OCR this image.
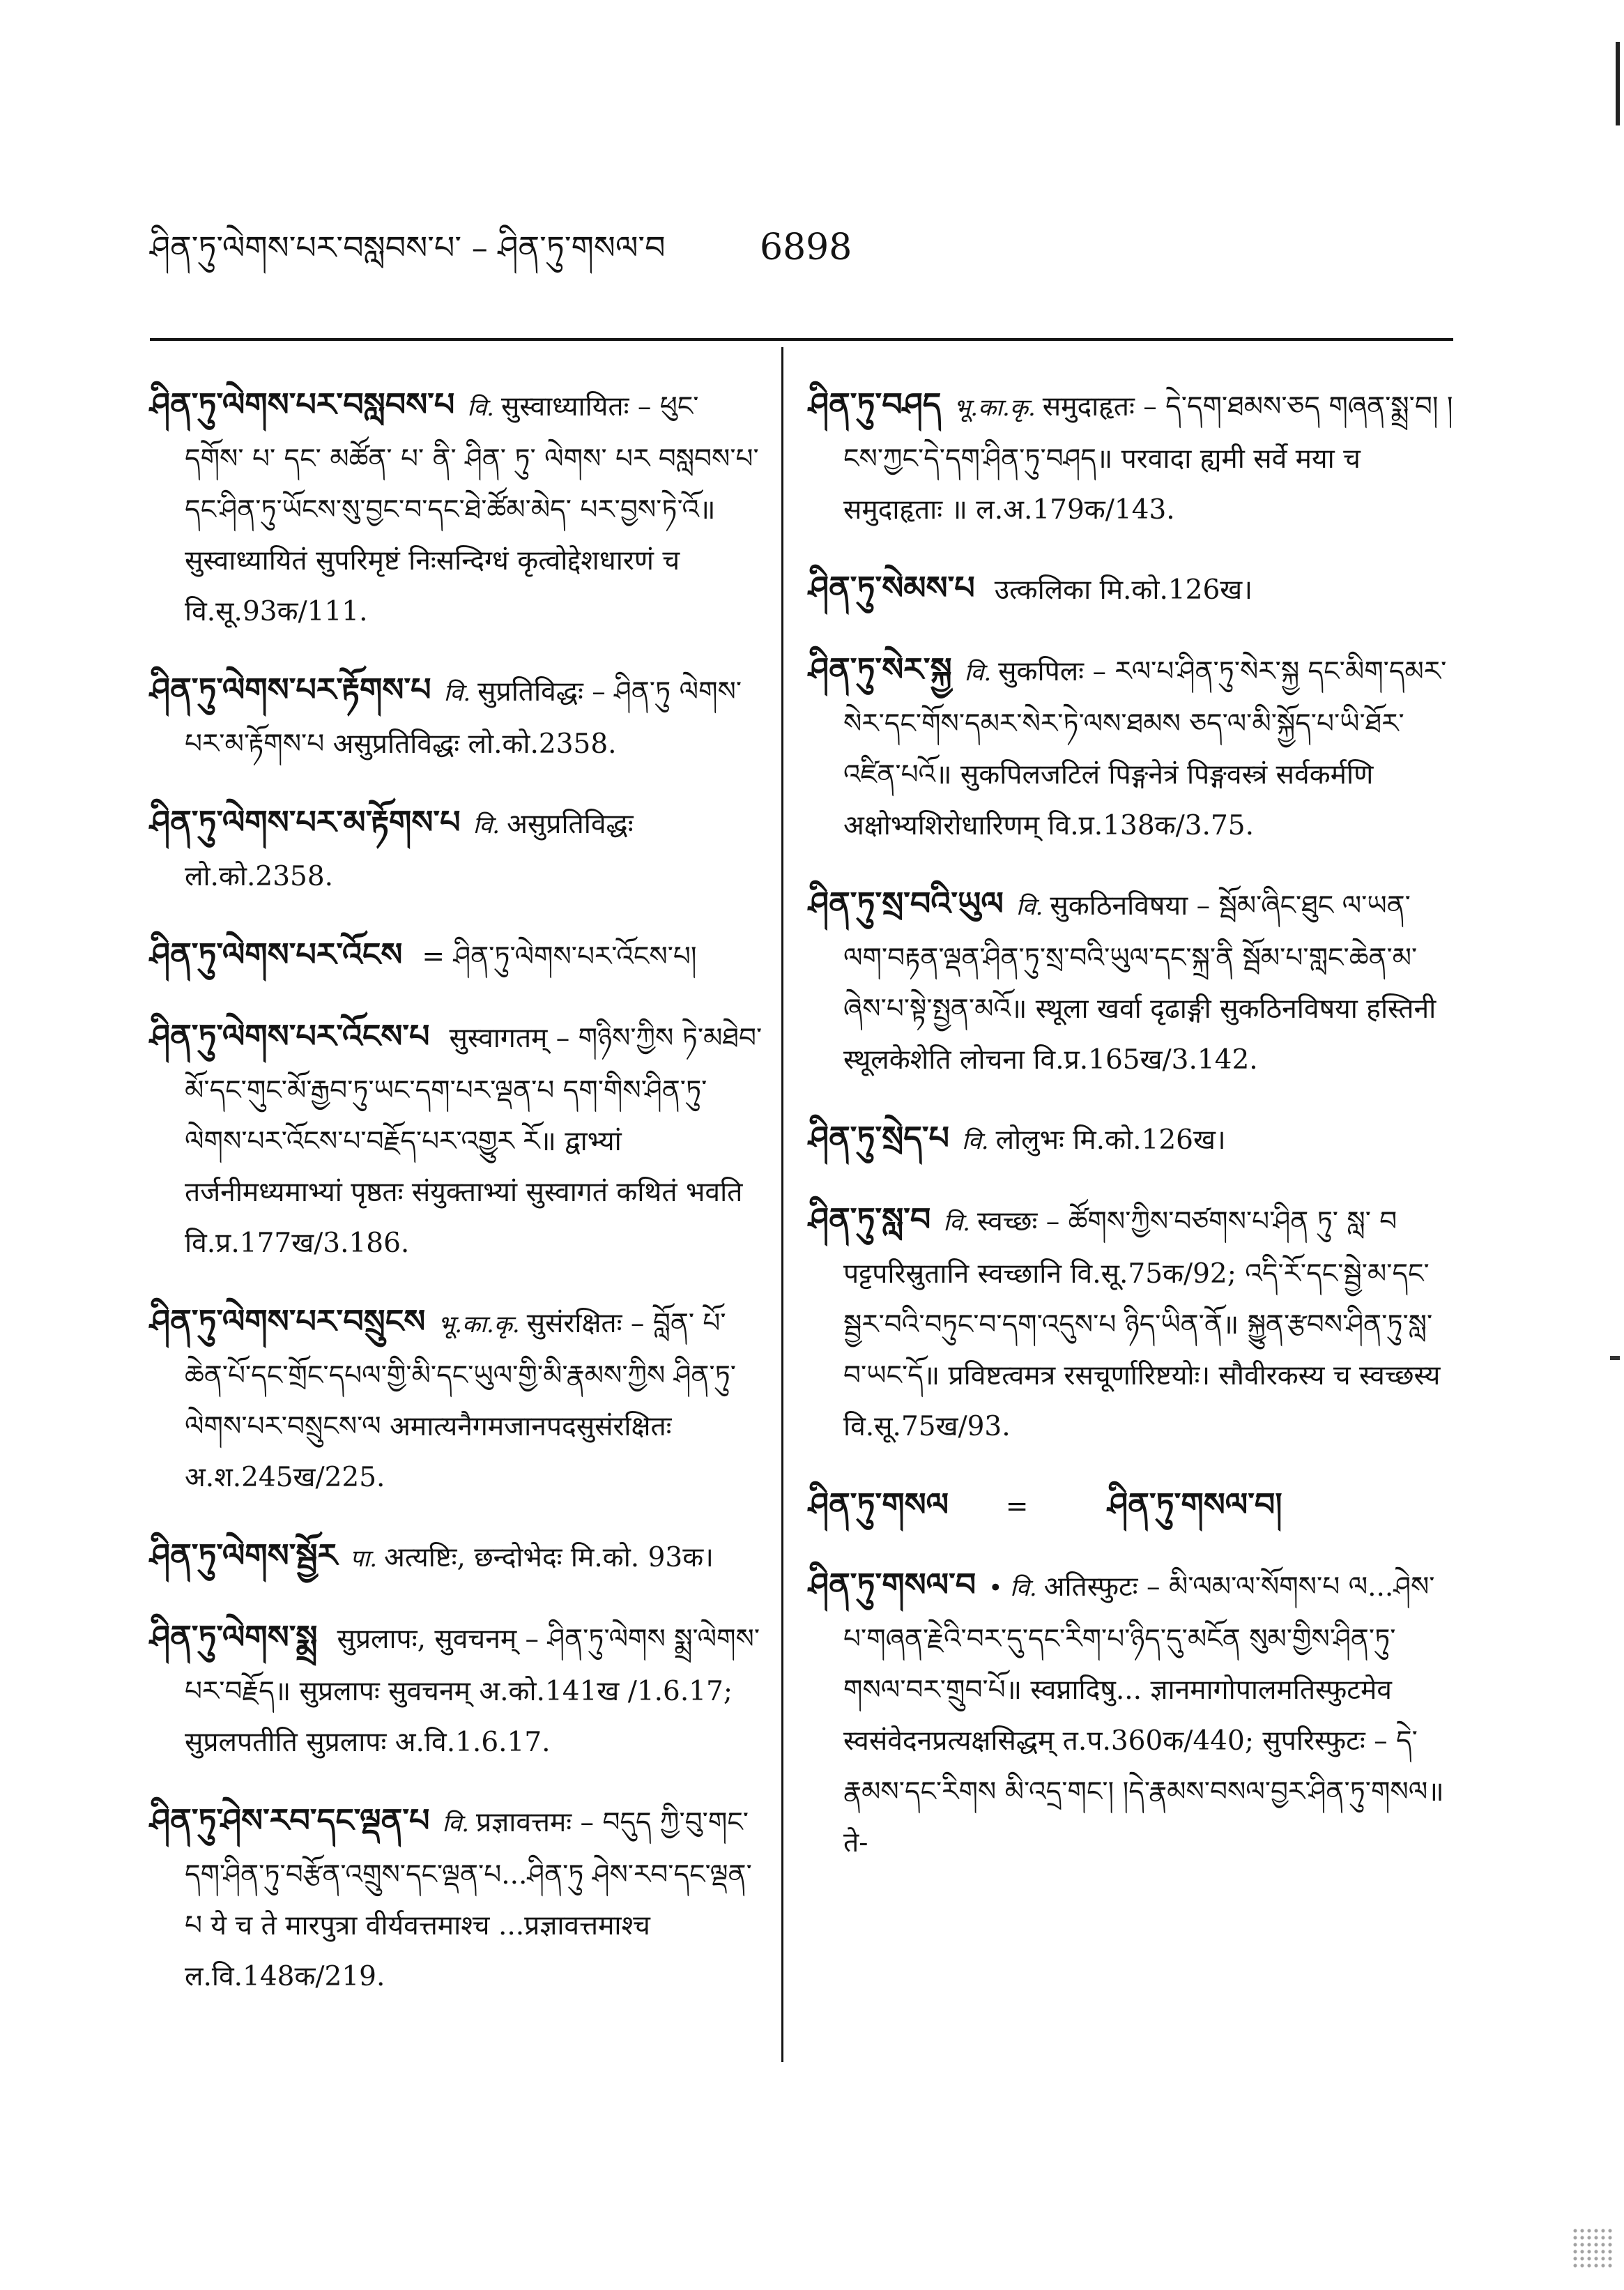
ཤིན་ཏུ་ལེགས་པར་བསླབས་པ་ – ཤིན་ཏུ་གསལ་བ	6898

ཤིན་ཏུ་ལེགས་པར་བསླབས་པ वि. सुस्वाध्यायितः – ཕུང་ དགོས་ པ་ དང་ མཚོན་ པ་ ནི་ ཤིན་ ཏུ་ ལེགས་ པར བསླབས་པ་དང་ཤིན་ཏུ་ཡོངས་སུ་བྱང་བ་དང་ཐེ་ཚོམ་མེད་ པར་བྱས་ཏེ་འོ॥ सुस्वाध्यायितं सुपरिमृष्टं निःसन्दिग्धं कृत्वोद्देशधारणं च वि.सू.93क/111.

ཤིན་ཏུ་ལེགས་པར་རྟོགས་པ वि. सुप्रतिविद्धः – ཤིན་ཏུ ལེགས་པར་མ་རྟོགས་པ असुप्रतिविद्धः लो.को.2358.

ཤིན་ཏུ་ལེགས་པར་མ་རྟོགས་པ वि. असुप्रतिविद्धः लो.को.2358.

ཤིན་ཏུ་ལེགས་པར་འོངས = ཤིན་ཏུ་ལེགས་པར་འོངས་པ།

ཤིན་ཏུ་ལེགས་པར་འོངས་པ सुस्वागतम् – གཉིས་ཀྱིས ཏེ་མཐེབ་མོ་དང་གུང་མོ་རྒྱབ་ཏུ་ཡང་དག་པར་ལྡན་པ དག་གིས་ཤིན་ཏུ་ལེགས་པར་འོངས་པ་བརྗོད་པར་འགྱུར རོ॥ द्वाभ्यां तर्जनीमध्यमाभ्यां पृष्ठतः संयुक्ताभ्यां सुस्वागतं कथितं भवति वि.प्र.177ख/3.186.

ཤིན་ཏུ་ལེགས་པར་བསྲུངས भू.का.कृ. सुसंरक्षितः – བློན་ པོ་ཆེན་པོ་དང་གྲོང་དཔལ་གྱི་མི་དང་ཡུལ་གྱི་མི་རྣམས་ཀྱིས ཤིན་ཏུ་ལེགས་པར་བསྲུངས་ལ अमात्यनैगमजानपदसुसंरक्षितः अ.श.245ख/225.

ཤིན་ཏུ་ལེགས་སྦྱོར पा. अत्यष्टिः, छन्दोभेदः मि.को. 93क।

ཤིན་ཏུ་ལེགས་སྨྲ सुप्रलापः, सुवचनम् – ཤིན་ཏུ་ལེགས སྨྲ་ལེགས་པར་བརྗོད॥ सुप्रलापः सुवचनम् अ.को.141ख /1.6.17; सुप्रलपतीति सुप्रलापः अ.वि.1.6.17.

ཤིན་ཏུ་ཤེས་རབ་དང་ལྡན་པ वि. प्रज्ञावत्तमः – བདུད ཀྱི་བུ་གང་དག་ཤིན་ཏུ་བརྩོན་འགྲུས་དང་ལྡན་པ...ཤིན་ཏུ ཤེས་རབ་དང་ལྡན་པ ये च ते मारपुत्रा वीर्यवत्तमाश्च ...प्रज्ञावत्तमाश्च ल.वि.148क/219.

ཤིན་ཏུ་བཤད भू.का.कृ. समुदाहृतः – དེ་དག་ཐམས་ཅད གཞན་སྨྲ་བ། །ངས་ཀྱང་དེ་དག་ཤིན་ཏུ་བཤད॥ परवादा ह्यमी सर्वे मया च समुदाहृताः ॥ ल.अ.179क/143.

ཤིན་ཏུ་སེམས་པ उत्कलिका मि.को.126ख।

ཤིན་ཏུ་སེར་སྐྱ वि. सुकपिलः – རལ་པ་ཤིན་ཏུ་སེར་སྐྱ དང་མིག་དམར་སེར་དང་གོས་དམར་སེར་ཏེ་ལས་ཐམས ཅད་ལ་མི་སྐྱོད་པ་ཡི་ཐོར་འཛིན་པའོ॥ सुकपिलजटिलं पिङ्गनेत्रं पिङ्गवस्त्रं सर्वकर्मणि अक्षोभ्यशिरोधारिणम् वि.प्र.138क/3.75.

ཤིན་ཏུ་སྲ་བའི་ཡུལ वि. सुकठिनविषया – སྦོམ་ཞིང་ཐུང ལ་ཡན་ལག་བརྟན་ལྡན་ཤིན་ཏུ་སྲ་བའི་ཡུལ་དང་སྐྲ་ནི སྦོམ་པ་གླང་ཆེན་མ་ཞེས་པ་སྟེ་སྤྱན་མའོ॥ स्थूला खर्वा दृढाङ्गी सुकठिनविषया हस्तिनी स्थूलकेशेति लोचना वि.प्र.165ख/3.142.

ཤིན་ཏུ་སྲེད་པ वि. लोलुभः मि.को.126ख।

ཤིན་ཏུ་སླ་བ वि. स्वच्छः – ཚོགས་ཀྱིས་བཙགས་པ་ཤིན ཏུ་ སླ་ བ पट्टपरिस्रुतानि स्वच्छानि वि.सू.75क/92; འདི་རོ་དང་སྦྱེ་མ་དང་སྦྱར་བའི་བཏུང་བ་དག་འདུས་པ ཉིད་ཡིན་ནོ॥ སྐྱུན་རྩབས་ཤིན་ཏུ་སླ་བ་ཡང་དོ॥ प्रविष्टत्वमत्र रसचूर्णारिष्टयोः। सौवीरकस्य च स्वच्छस्य वि.सू.75ख/93.

ཤིན་ཏུ་གསལ = ཤིན་ཏུ་གསལ་བ།

ཤིན་ཏུ་གསལ་བ • वि. अतिस्फुटः – མི་ལམ་ལ་སོགས་པ ལ...ཤེས་པ་གཞན་རྗེའི་བར་དུ་དང་རིག་པ་ཉིད་དུ་མངོན སུམ་གྱིས་ཤིན་ཏུ་གསལ་བར་གྲུབ་པོ॥ स्वप्नादिषु... ज्ञानमागोपालमतिस्फुटमेव स्वसंवेदनप्रत्यक्षसिद्धम् त.प.360क/440; सुपरिस्फुटः – དེ་རྣམས་དང་རིགས མི་འདྲ་གང་། །དེ་རྣམས་བསལ་བྱར་ཤིན་ཏུ་གསལ॥ ते-
